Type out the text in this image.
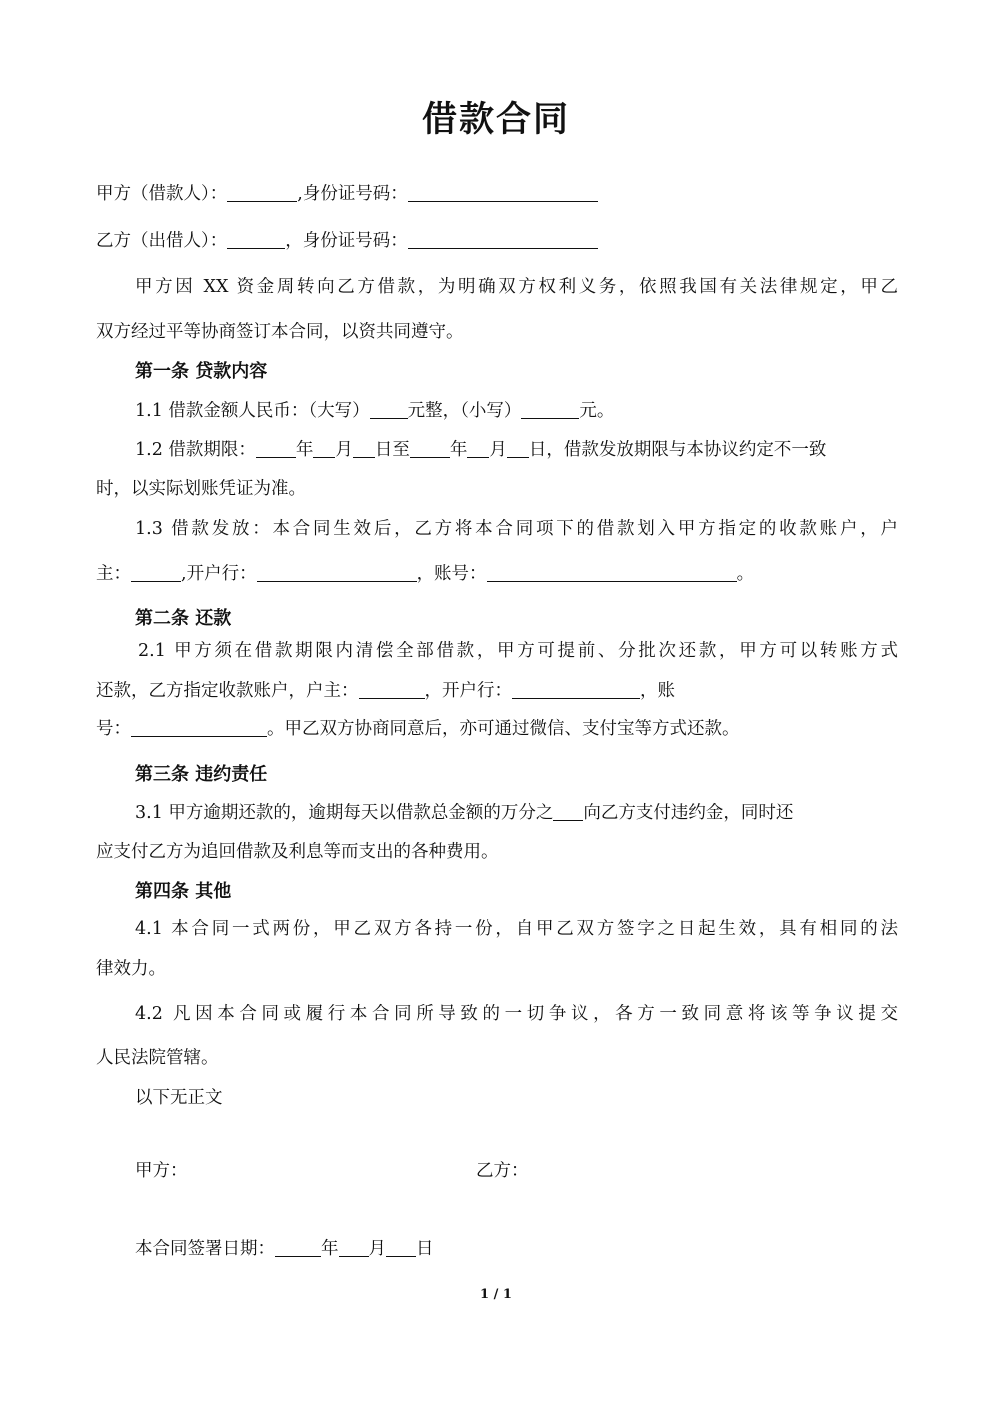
借款合同
甲方（借款人）：	,身份证号码：
乙方（出借人）：	，身份证号码：
甲方因 XX 资金周转向乙方借款，为明确双方权利义务，依照我国有关法律规定，甲乙
双方经过平等协商签订本合同，以资共同遵守。
第一条 贷款内容
1.1 借款金额人民币：（大写） 元整，（小写）	元。
1.2 借款期限： 年 月 日至 年 月 日，借款发放期限与本协议约定不一致
时，以实际划账凭证为准。
1.3 借款发放：本合同生效后，乙方将本合同项下的借款划入甲方指定的收款账户，户
主：	,开户行：	，账号：	。
第二条 还款
2.1 甲方须在借款期限内清偿全部借款，甲方可提前、分批次还款，甲方可以转账方式
还款，乙方指定收款账户，户主：	，开户行：	，账
号：	。甲乙双方协商同意后，亦可通过微信、支付宝等方式还款。
第三条 违约责任
3.1 甲方逾期还款的，逾期每天以借款总金额的万分之 向乙方支付违约金，同时还
应支付乙方为追回借款及利息等而支出的各种费用。
第四条 其他
4.1 本合同一式两份，甲乙双方各持一份，自甲乙双方签字之日起生效，具有相同的法
律效力。
4.2 凡因本合同或履行本合同所导致的一切争议，各方一致同意将该等争议提交
人民法院管辖。
以下无正文
甲方：	乙方：
本合同签署日期：	年 月 日
1 / 1
